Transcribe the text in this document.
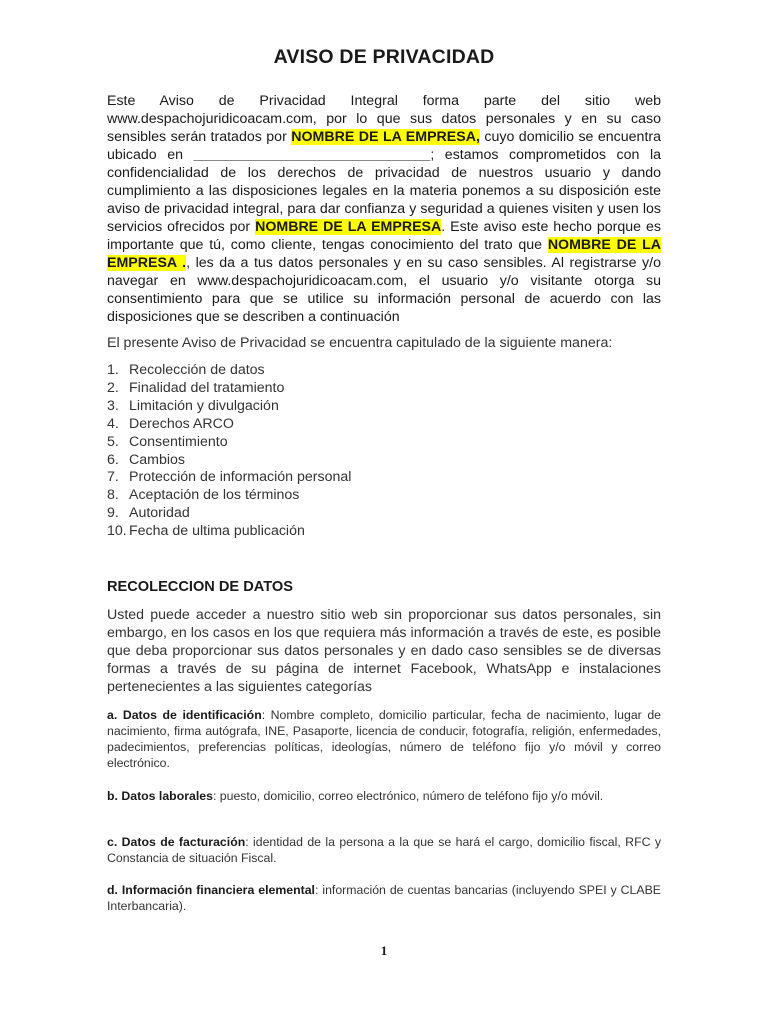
AVISO DE PRIVACIDAD
Este Aviso de Privacidad Integral forma parte del sitio web www.despachojuridicoacam.com, por lo que sus datos personales y en su caso sensibles serán tratados por NOMBRE DE LA EMPRESA, cuyo domicilio se encuentra ubicado en ______________________________; estamos comprometidos con la confidencialidad de los derechos de privacidad de nuestros usuario y dando cumplimiento a las disposiciones legales en la materia ponemos a su disposición este aviso de privacidad integral, para dar confianza y seguridad a quienes visiten y usen los servicios ofrecidos por NOMBRE DE LA EMPRESA. Este aviso este hecho porque es importante que tú, como cliente, tengas conocimiento del trato que NOMBRE DE LA EMPRESA ., les da a tus datos personales y en su caso sensibles. Al registrarse y/o navegar en www.despachojuridicoacam.com, el usuario y/o visitante otorga su consentimiento para que se utilice su información personal de acuerdo con las disposiciones que se describen a continuación
El presente Aviso de Privacidad se encuentra capitulado de la siguiente manera:
1. Recolección de datos
2. Finalidad del tratamiento
3. Limitación y divulgación
4. Derechos ARCO
5. Consentimiento
6. Cambios
7. Protección de información personal
8. Aceptación de los términos
9. Autoridad
10. Fecha de ultima publicación
RECOLECCION DE DATOS
Usted puede acceder a nuestro sitio web sin proporcionar sus datos personales, sin embargo, en los casos en los que requiera más información a través de este, es posible que deba proporcionar sus datos personales y en dado caso sensibles se de diversas formas a través de su página de internet Facebook, WhatsApp e instalaciones pertenecientes a las siguientes categorías
a. Datos de identificación: Nombre completo, domicilio particular, fecha de nacimiento, lugar de nacimiento, firma autógrafa, INE, Pasaporte, licencia de conducir, fotografía, religión, enfermedades, padecimientos, preferencias políticas, ideologías, número de teléfono fijo y/o móvil y correo electrónico.
b. Datos laborales: puesto, domicilio, correo electrónico, número de teléfono fijo y/o móvil.
c. Datos de facturación: identidad de la persona a la que se hará el cargo, domicilio fiscal, RFC y Constancia de situación Fiscal.
d. Información financiera elemental: información de cuentas bancarias (incluyendo SPEI y CLABE Interbancaria).
1
